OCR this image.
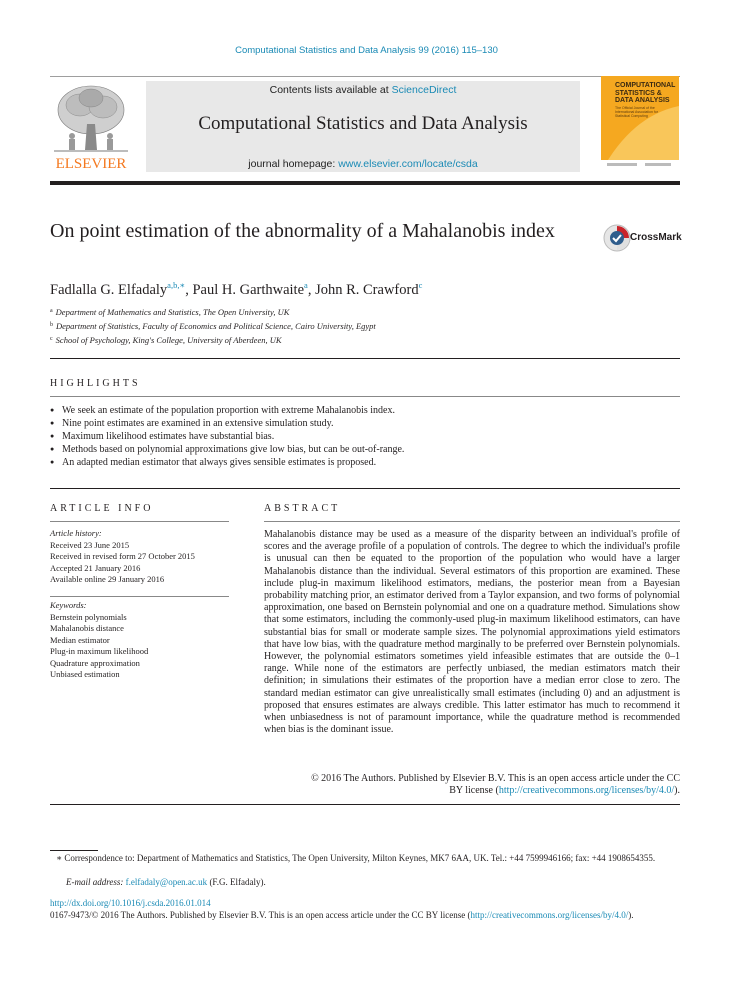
Computational Statistics and Data Analysis 99 (2016) 115–130
ELSEVIER
Contents lists available at ScienceDirect
Computational Statistics and Data Analysis
journal homepage: www.elsevier.com/locate/csda
COMPUTATIONAL STATISTICS & DATA ANALYSIS
The Official Journal of the International Association for Statistical Computing
On point estimation of the abnormality of a Mahalanobis index	CrossMark
Fadlalla G. Elfadaly$^{a,b,∗}$, Paul H. Garthwaite$^a$, John R. Crawford$^c$
$^a$ Department of Mathematics and Statistics, The Open University, UK
$^b$ Department of Statistics, Faculty of Economics and Political Science, Cairo University, Egypt
$^c$ School of Psychology, King's College, University of Aberdeen, UK
HIGHLIGHTS
● We seek an estimate of the population proportion with extreme Mahalanobis index.
● Nine point estimates are examined in an extensive simulation study.
● Maximum likelihood estimates have substantial bias.
● Methods based on polynomial approximations give low bias, but can be out-of-range.
● An adapted median estimator that always gives sensible estimates is proposed.
ARTICLE INFO
Article history:
Received 23 June 2015
Received in revised form 27 October 2015
Accepted 21 January 2016
Available online 29 January 2016
Keywords:
Bernstein polynomials
Mahalanobis distance
Median estimator
Plug-in maximum likelihood
Quadrature approximation
Unbiased estimation
ABSTRACT
Mahalanobis distance may be used as a measure of the disparity between an individual's profile of scores and the average profile of a population of controls. The degree to which the individual's profile is unusual can then be equated to the proportion of the population who would have a larger Mahalanobis distance than the individual. Several estimators of this proportion are examined. These include plug-in maximum likelihood estimators, medians, the posterior mean from a Bayesian probability matching prior, an estimator derived from a Taylor expansion, and two forms of polynomial approximation, one based on Bernstein polynomial and one on a quadrature method. Simulations show that some estimators, including the commonly-used plug-in maximum likelihood estimators, can have substantial bias for small or moderate sample sizes. The polynomial approximations yield estimators that have low bias, with the quadrature method marginally to be preferred over Bernstein polynomials. However, the polynomial estimators sometimes yield infeasible estimates that are outside the 0–1 range. While none of the estimators are perfectly unbiased, the median estimators match their definition; in simulations their estimates of the proportion have a median error close to zero. The standard median estimator can give unrealistically small estimates (including 0) and an adjustment is proposed that ensures estimates are always credible. This latter estimator has much to recommend it when unbiasedness is not of paramount importance, while the quadrature method is recommended when bias is the dominant issue.
© 2016 The Authors. Published by Elsevier B.V. This is an open access article under the CC
BY license (http://creativecommons.org/licenses/by/4.0/).
∗ Correspondence to: Department of Mathematics and Statistics, The Open University, Milton Keynes, MK7 6AA, UK. Tel.: +44 7599946166; fax: +44 1908654355.
E-mail address: f.elfadaly@open.ac.uk (F.G. Elfadaly).
http://dx.doi.org/10.1016/j.csda.2016.01.014
0167-9473/© 2016 The Authors. Published by Elsevier B.V. This is an open access article under the CC BY license (http://creativecommons.org/licenses/by/4.0/).
